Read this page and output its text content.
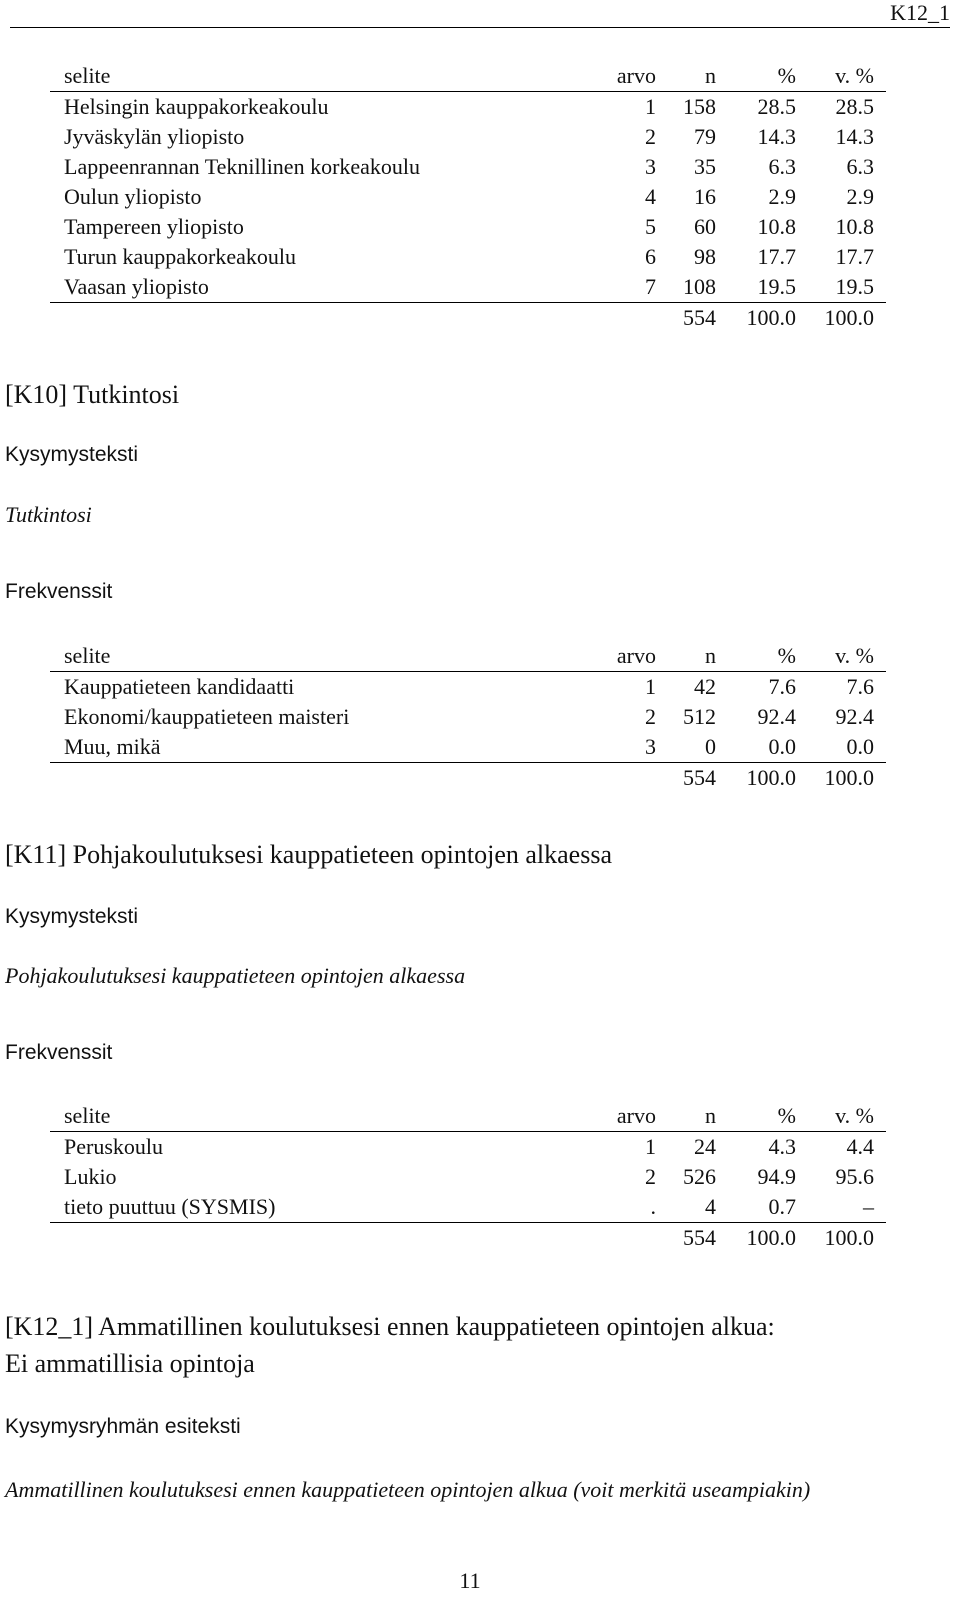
K12_1
selite	arvo	n	%	v. %
Helsingin kauppakorkeakoulu	1	158	28.5	28.5
Jyväskylän yliopisto	2	79	14.3	14.3
Lappeenrannan Teknillinen korkeakoulu	3	35	6.3	6.3
Oulun yliopisto	4	16	2.9	2.9
Tampereen yliopisto	5	60	10.8	10.8
Turun kauppakorkeakoulu	6	98	17.7	17.7
Vaasan yliopisto	7	108	19.5	19.5
		554	100.0	100.0
[K10] Tutkintosi
Kysymysteksti
Tutkintosi
Frekvenssit
selite	arvo	n	%	v. %
Kauppatieteen kandidaatti	1	42	7.6	7.6
Ekonomi/kauppatieteen maisteri	2	512	92.4	92.4
Muu, mikä	3	0	0.0	0.0
		554	100.0	100.0
[K11] Pohjakoulutuksesi kauppatieteen opintojen alkaessa
Kysymysteksti
Pohjakoulutuksesi kauppatieteen opintojen alkaessa
Frekvenssit
selite	arvo	n	%	v. %
Peruskoulu	1	24	4.3	4.4
Lukio	2	526	94.9	95.6
tieto puuttuu (SYSMIS)	.	4	0.7	–
		554	100.0	100.0
[K12_1] Ammatillinen koulutuksesi ennen kauppatieteen opintojen alkua:
Ei ammatillisia opintoja
Kysymysryhmän esiteksti
Ammatillinen koulutuksesi ennen kauppatieteen opintojen alkua (voit merkitä useampiakin)
11
